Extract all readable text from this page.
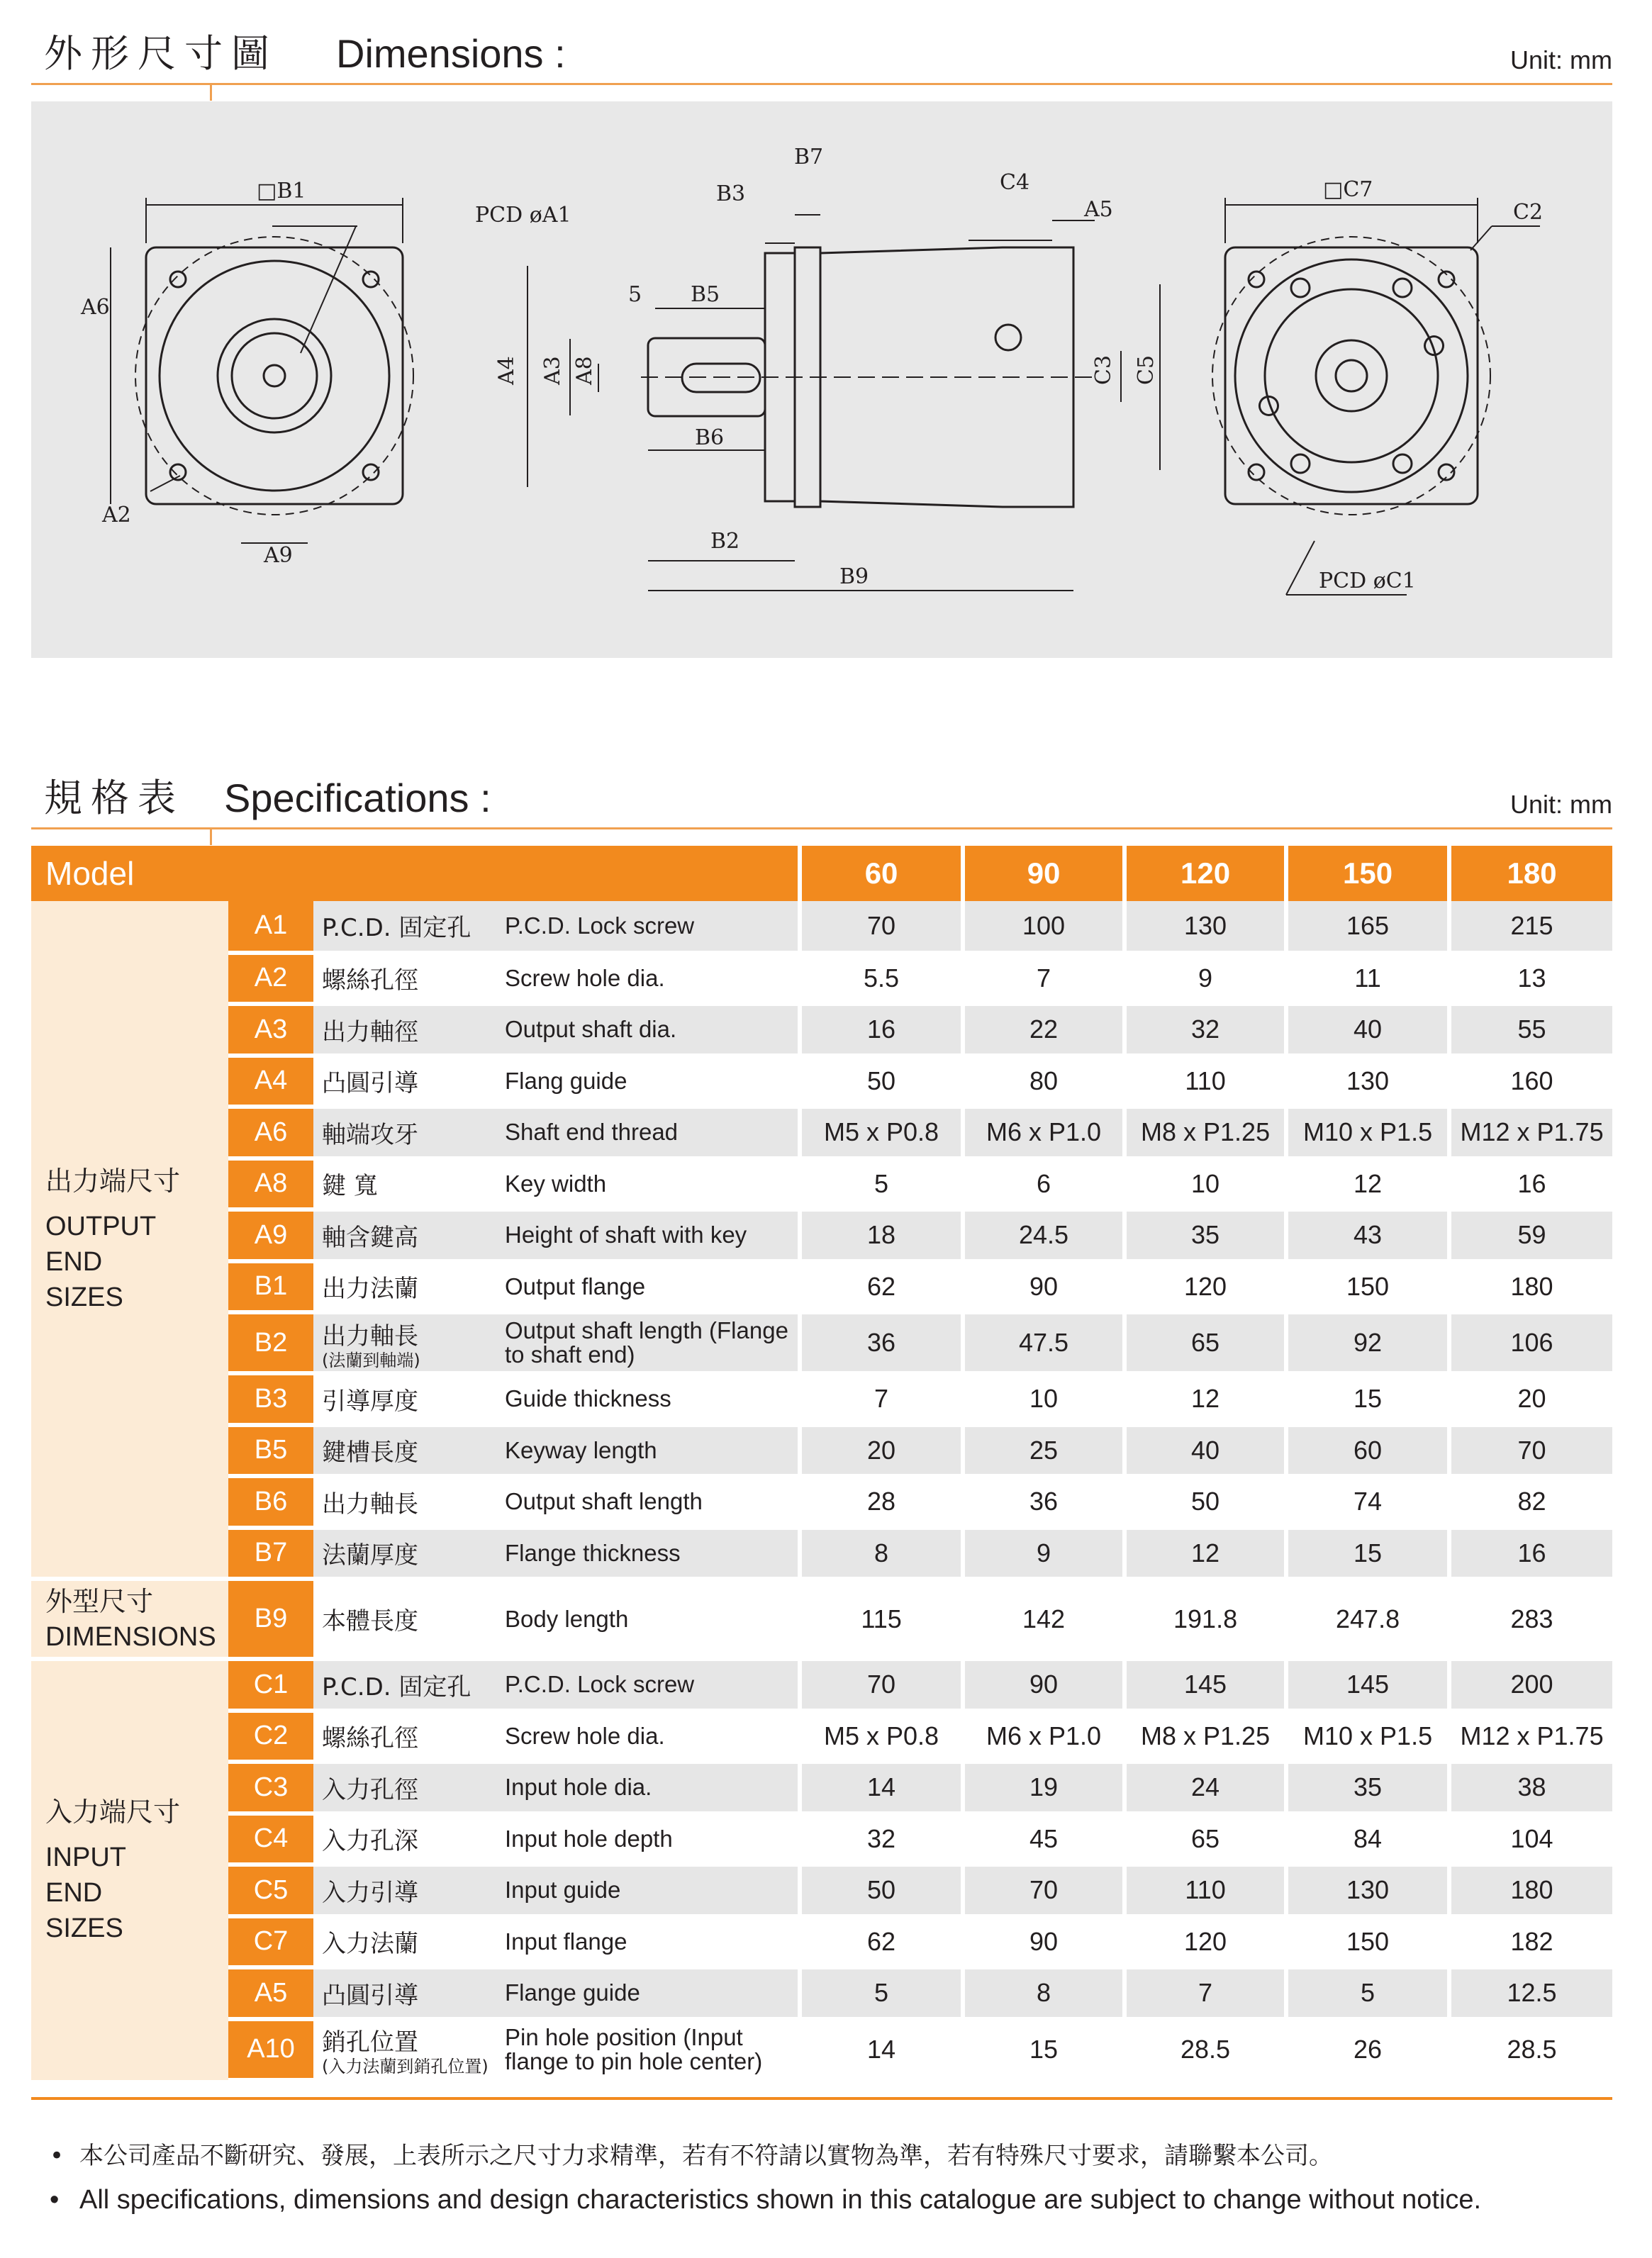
外形尺寸圖 Dimensions :	Unit: mm
□B1
PCD øA1
A6
A2
A9
B7
B3	C4
A5
5 B5
A4 A3 A8
B6
C3 C5
B2
B9
□C7
C2
PCD øC1
規格表 Specifications :	Unit: mm
Model				60	90	120	150	180

出力端尺寸
OUTPUT END SIZES	A1	P.C.D. 固定孔	P.C.D. Lock screw	70	100	130	165	215
	A2	螺絲孔徑	Screw hole dia.	5.5	7	9	11	13
	A3	出力軸徑	Output shaft dia.	16	22	32	40	55
	A4	凸圓引導	Flang guide	50	80	110	130	160
	A6	軸端攻牙	Shaft end thread	M5 x P0.8	M6 x P1.0	M8 x P1.25	M10 x P1.5	M12 x P1.75
	A8	鍵 寬	Key width	5	6	10	12	16
	A9	軸含鍵高	Height of shaft with key	18	24.5	35	43	59
	B1	出力法蘭	Output flange	62	90	120	150	180
	B2	出力軸長
(法蘭到軸端)	Output shaft length (Flange to shaft end)	36	47.5	65	92	106
	B3	引導厚度	Guide thickness	7	10	12	15	20
	B5	鍵槽長度	Keyway length	20	25	40	60	70
	B6	出力軸長	Output shaft length	28	36	50	74	82
	B7	法蘭厚度	Flange thickness	8	9	12	15	16

外型尺寸
DIMENSIONS	B9	本體長度	Body length	115	142	191.8	247.8	283

入力端尺寸
INPUT END SIZES	C1	P.C.D. 固定孔	P.C.D. Lock screw	70	90	145	145	200
	C2	螺絲孔徑	Screw hole dia.	M5 x P0.8	M6 x P1.0	M8 x P1.25	M10 x P1.5	M12 x P1.75
	C3	入力孔徑	Input hole dia.	14	19	24	35	38
	C4	入力孔深	Input hole depth	32	45	65	84	104
	C5	入力引導	Input guide	50	70	110	130	180
	C7	入力法蘭	Input flange	62	90	120	150	182
	A5	凸圓引導	Flange guide	5	8	7	5	12.5
	A10	銷孔位置
(入力法蘭到銷孔位置)	Pin hole position (Input flange to pin hole center)	14	15	28.5	26	28.5
• 本公司產品不斷研究、發展，上表所示之尺寸力求精準，若有不符請以實物為準，若有特殊尺寸要求，請聯繫本公司。
• All specifications, dimensions and design characteristics shown in this catalogue are subject to change without notice.
